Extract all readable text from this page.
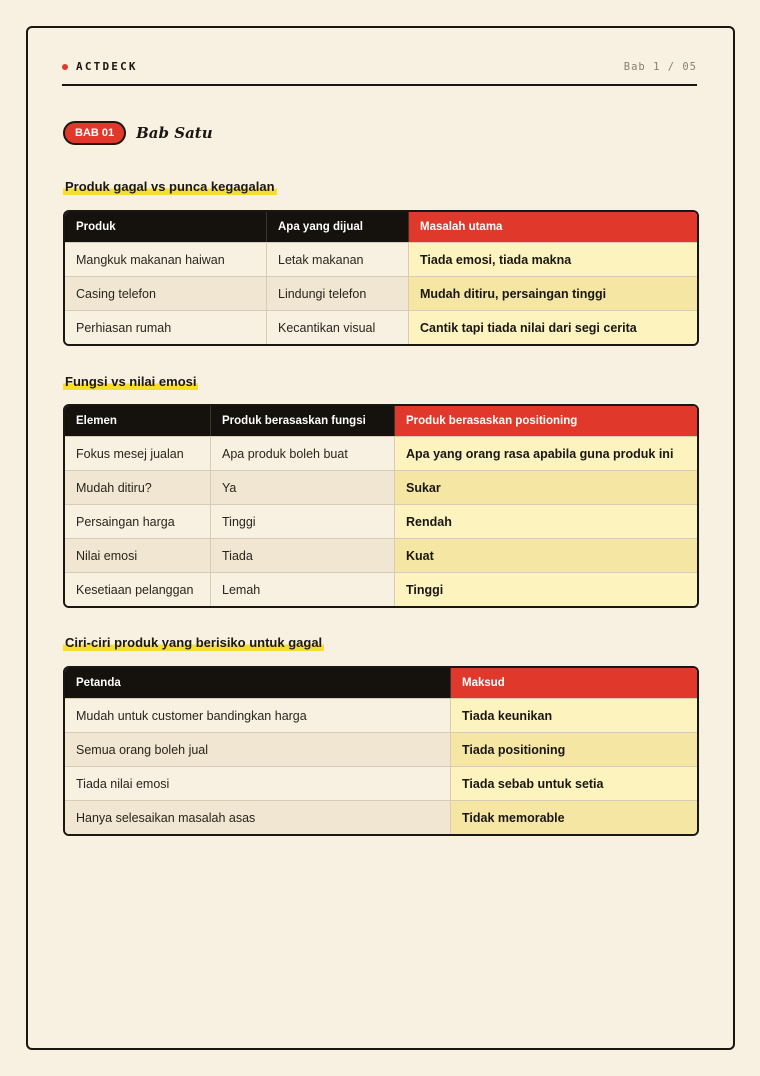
ACTDECK	Bab 1 / 05
BAB 01	Bab Satu
Produk gagal vs punca kegagalan
Produk	Apa yang dijual	Masalah utama
Mangkuk makanan haiwan	Letak makanan	Tiada emosi, tiada makna
Casing telefon	Lindungi telefon	Mudah ditiru, persaingan tinggi
Perhiasan rumah	Kecantikan visual	Cantik tapi tiada nilai dari segi cerita
Fungsi vs nilai emosi
Elemen	Produk berasaskan fungsi	Produk berasaskan positioning
Fokus mesej jualan	Apa produk boleh buat	Apa yang orang rasa apabila guna produk ini
Mudah ditiru?	Ya	Sukar
Persaingan harga	Tinggi	Rendah
Nilai emosi	Tiada	Kuat
Kesetiaan pelanggan	Lemah	Tinggi
Ciri-ciri produk yang berisiko untuk gagal
Petanda	Maksud
Mudah untuk customer bandingkan harga	Tiada keunikan
Semua orang boleh jual	Tiada positioning
Tiada nilai emosi	Tiada sebab untuk setia
Hanya selesaikan masalah asas	Tidak memorable
